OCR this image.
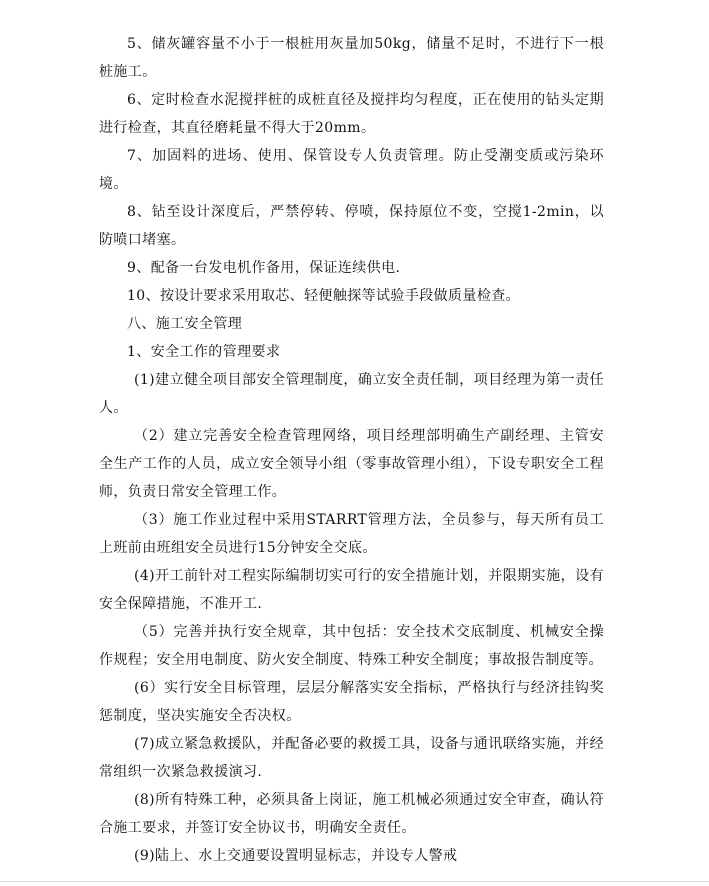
5、储灰罐容量不小于一根桩用灰量加50kg，储量不足时，不进行下一根桩施工。

6、定时检查水泥搅拌桩的成桩直径及搅拌均匀程度，正在使用的钻头定期进行检查，其直径磨耗量不得大于20mm。

7、加固料的进场、使用、保管设专人负责管理。防止受潮变质或污染环境。

8、钻至设计深度后，严禁停转、停喷，保持原位不变，空搅1-2min，以防喷口堵塞。

9、配备一台发电机作备用，保证连续供电．

10、按设计要求采用取芯、轻便触探等试验手段做质量检查。

八、施工安全管理

1、安全工作的管理要求

(1)建立健全项目部安全管理制度，确立安全责任制，项目经理为第一责任人。

（2）建立完善安全检查管理网络，项目经理部明确生产副经理、主管安全生产工作的人员，成立安全领导小组（零事故管理小组），下设专职安全工程师，负责日常安全管理工作。

（3）施工作业过程中采用STARRT管理方法，全员参与，每天所有员工上班前由班组安全员进行15分钟安全交底。

(4)开工前针对工程实际编制切实可行的安全措施计划，并限期实施，设有安全保障措施，不准开工.

（5）完善并执行安全规章，其中包括：安全技术交底制度、机械安全操作规程；安全用电制度、防火安全制度、特殊工种安全制度；事故报告制度等。

(6）实行安全目标管理，层层分解落实安全指标，严格执行与经济挂钩奖惩制度，坚决实施安全否决权。

(7)成立紧急救援队，并配备必要的救援工具，设备与通讯联络实施，并经常组织一次紧急救援演习.

(8)所有特殊工种，必须具备上岗证，施工机械必须通过安全审查，确认符合施工要求，并签订安全协议书，明确安全责任。

(9)陆上、水上交通要设置明显标志，并设专人警戒
